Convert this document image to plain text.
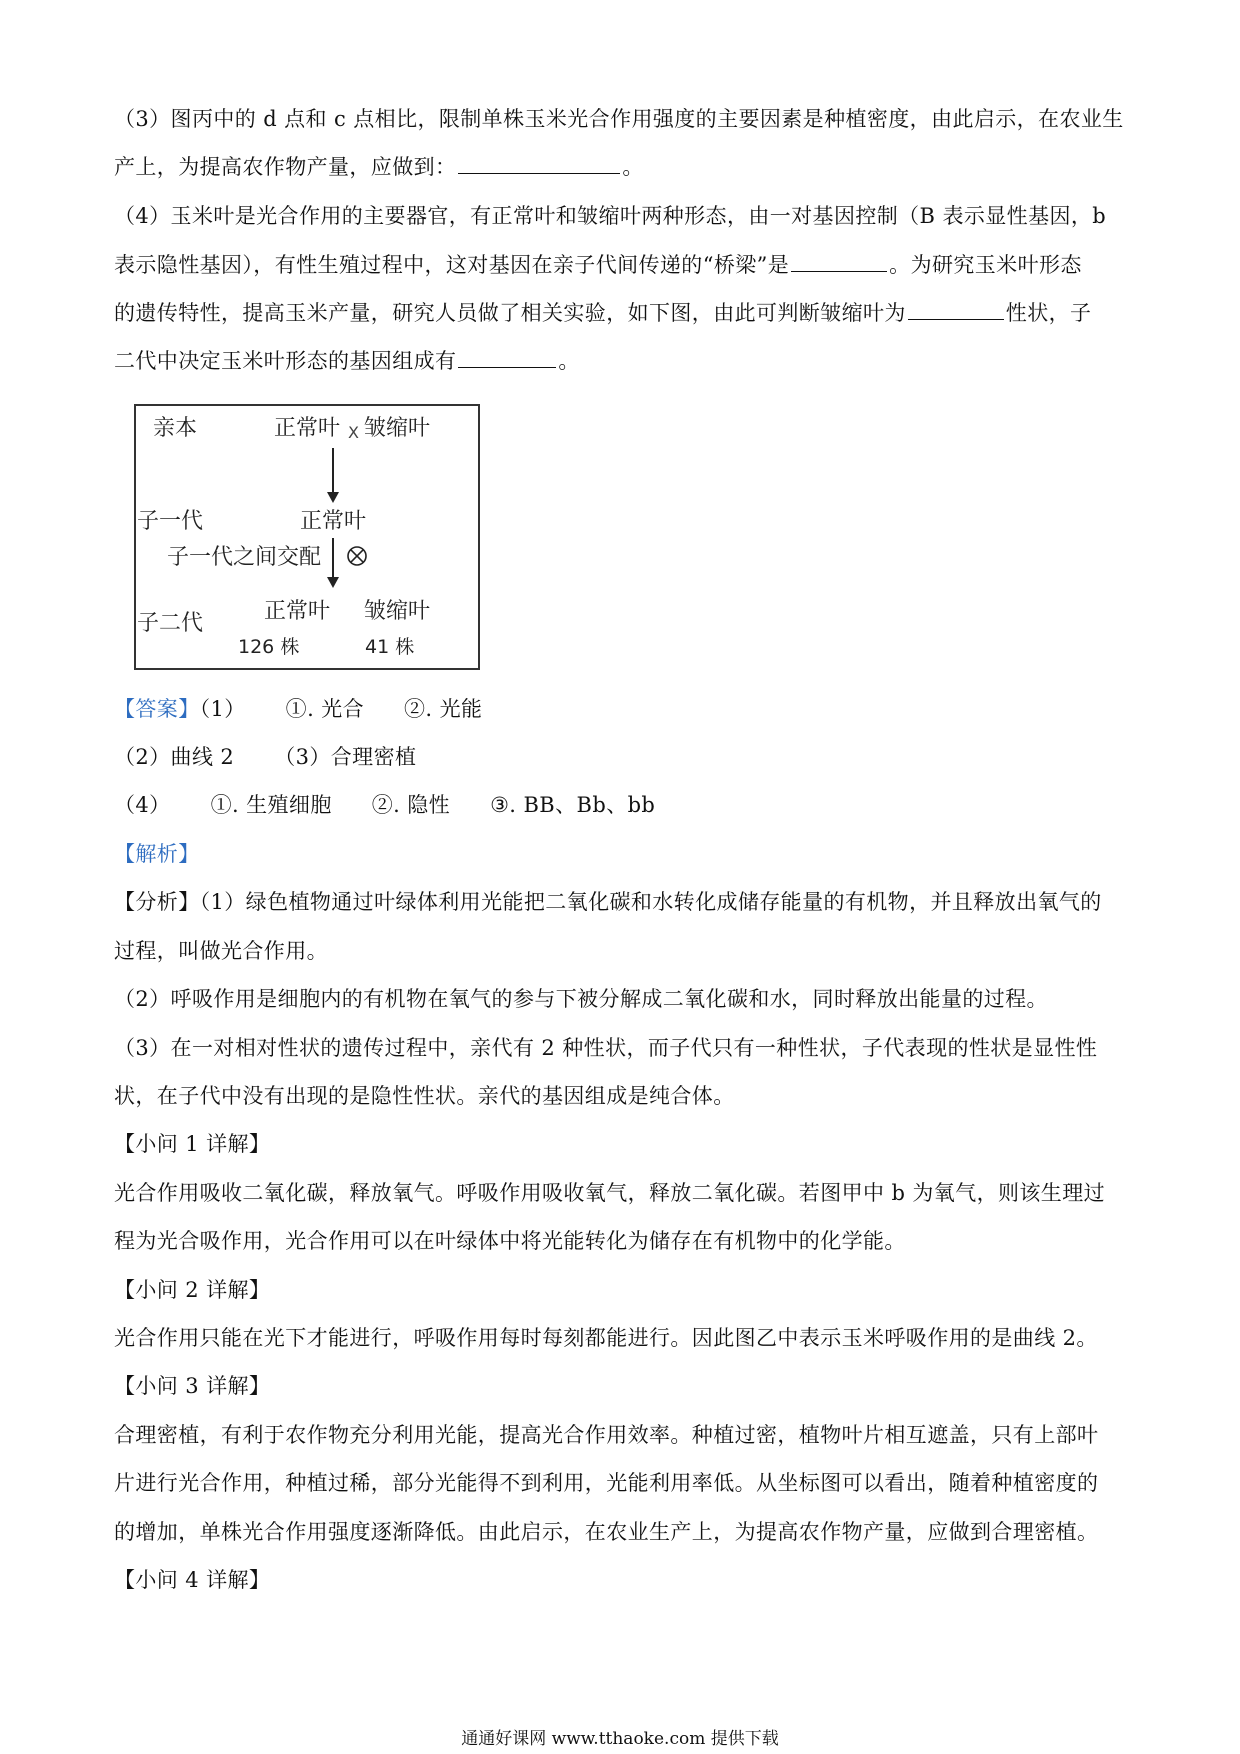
（3）图丙中的 d 点和 c 点相比，限制单株玉米光合作用强度的主要因素是种植密度，由此启示，在农业生
产上，为提高农作物产量，应做到：	。
（4）玉米叶是光合作用的主要器官，有正常叶和皱缩叶两种形态，由一对基因控制（B 表示显性基因，b
表示隐性基因），有性生殖过程中，这对基因在亲子代间传递的“桥梁”是	。为研究玉米叶形态
的遗传特性，提高玉米产量，研究人员做了相关实验，如下图，由此可判断皱缩叶为	性状，子
二代中决定玉米叶形态的基因组成有	。
亲本	正常叶 X 皱缩叶
子一代	正常叶
子一代之间交配
子二代	正常叶 皱缩叶
126 株	41 株
【答案】（1） ①. 光合 ②. 光能
（2）曲线 2 （3）合理密植
（4） ①. 生殖细胞 ②. 隐性 ③. BB、Bb、bb
【解析】
【分析】（1）绿色植物通过叶绿体利用光能把二氧化碳和水转化成储存能量的有机物，并且释放出氧气的
过程，叫做光合作用。
（2）呼吸作用是细胞内的有机物在氧气的参与下被分解成二氧化碳和水，同时释放出能量的过程。
（3）在一对相对性状的遗传过程中，亲代有 2 种性状，而子代只有一种性状，子代表现的性状是显性性
状，在子代中没有出现的是隐性性状。亲代的基因组成是纯合体。
【小问 1 详解】
光合作用吸收二氧化碳，释放氧气。呼吸作用吸收氧气，释放二氧化碳。若图甲中 b 为氧气，则该生理过
程为光合吸作用，光合作用可以在叶绿体中将光能转化为储存在有机物中的化学能。
【小问 2 详解】
光合作用只能在光下才能进行，呼吸作用每时每刻都能进行。因此图乙中表示玉米呼吸作用的是曲线 2。
【小问 3 详解】
合理密植，有利于农作物充分利用光能，提高光合作用效率。种植过密，植物叶片相互遮盖，只有上部叶
片进行光合作用，种植过稀，部分光能得不到利用，光能利用率低。从坐标图可以看出，随着种植密度的
的增加，单株光合作用强度逐渐降低。由此启示，在农业生产上，为提高农作物产量，应做到合理密植。
【小问 4 详解】
通通好课网 www.tthaoke.com 提供下载
